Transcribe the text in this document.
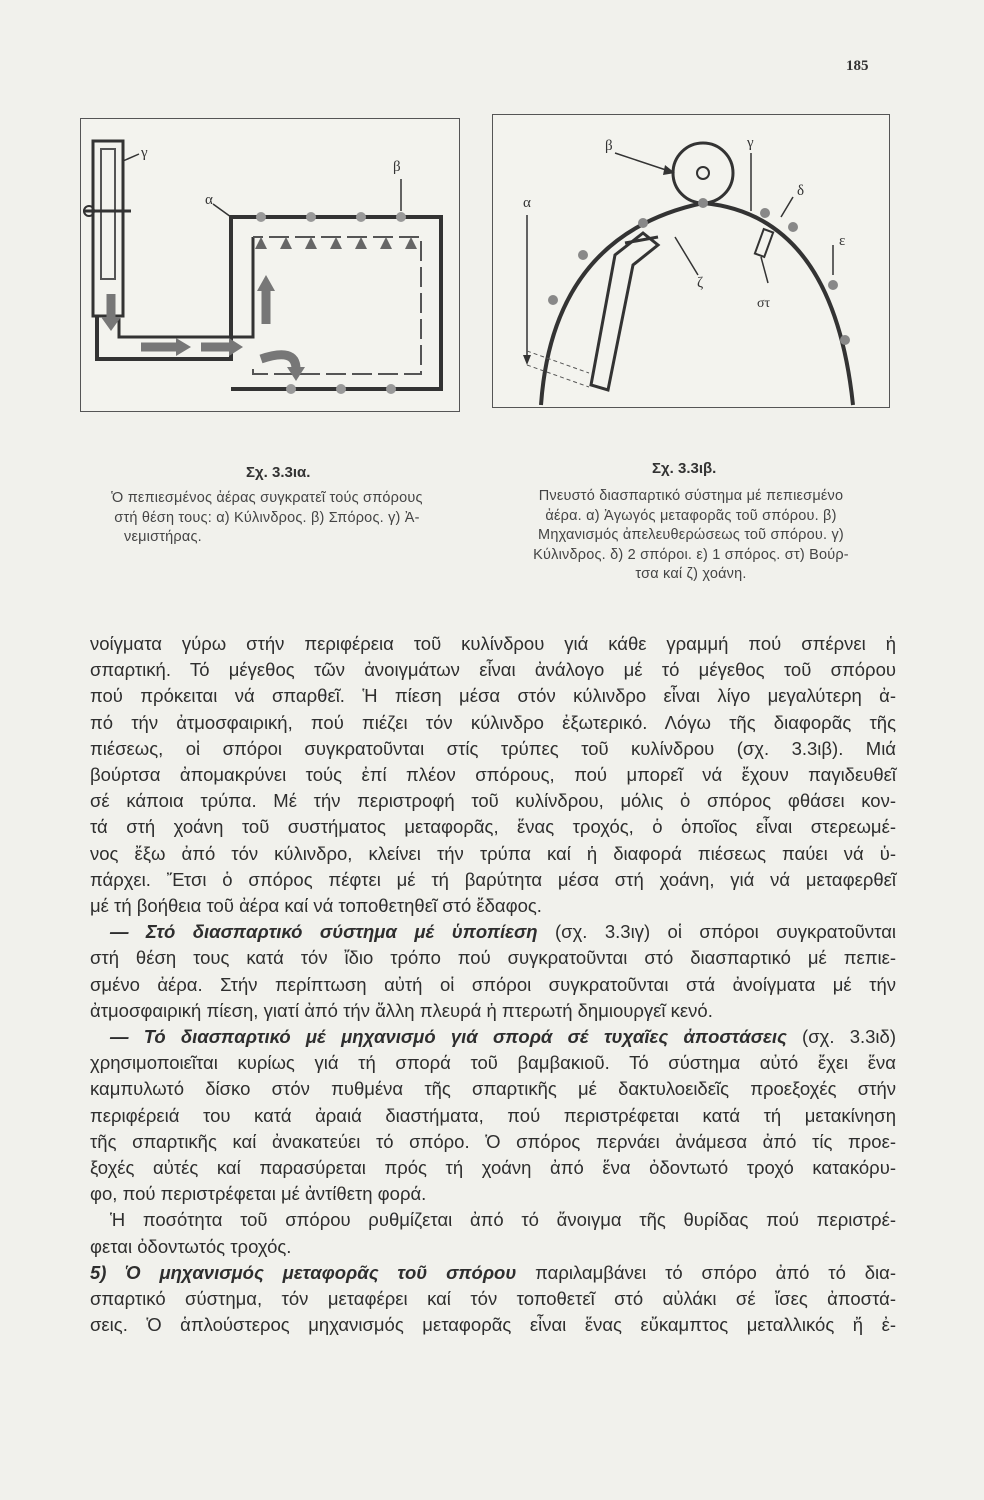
185
γ
α
β
α
β	γ
δ
ε
ζ
στ
Σχ. 3.3ια.
Ὁ πεπιεσμένος ἀέρας συγκρατεῖ τούς σπόρους
στή θέση τους: α) Κύλινδρος. β) Σπόρος. γ) Ἀ-
νεμιστήρας.
Σχ. 3.3ιβ.
Πνευστό διασπαρτικό σύστημα μέ πεπιεσμένο
ἀέρα. α) Ἀγωγός μεταφορᾶς τοῦ σπόρου. β)
Μηχανισμός ἀπελευθερώσεως τοῦ σπόρου. γ)
Κύλινδρος. δ) 2 σπόροι. ε) 1 σπόρος. στ) Βούρ-
τσα καί ζ) χοάνη.
νοίγματα γύρω στήν περιφέρεια τοῦ κυλίνδρου γιά κάθε γραμμή πού σπέρνει ἡ
σπαρτική. Τό μέγεθος τῶν ἀνοιγμάτων εἶναι ἀνάλογο μέ τό μέγεθος τοῦ σπόρου
πού πρόκειται νά σπαρθεῖ. Ἡ πίεση μέσα στόν κύλινδρο εἶναι λίγο μεγαλύτερη ἀ-
πό τήν ἀτμοσφαιρική, πού πιέζει τόν κύλινδρο ἐξωτερικό. Λόγω τῆς διαφορᾶς τῆς
πιέσεως, οἱ σπόροι συγκρατοῦνται στίς τρύπες τοῦ κυλίνδρου (σχ. 3.3ιβ). Μιά
βούρτσα ἀπομακρύνει τούς ἐπί πλέον σπόρους, πού μπορεῖ νά ἔχουν παγιδευθεῖ
σέ κάποια τρύπα. Μέ τήν περιστροφή τοῦ κυλίνδρου, μόλις ὁ σπόρος φθάσει κον-
τά στή χοάνη τοῦ συστήματος μεταφορᾶς, ἕνας τροχός, ὁ ὁποῖος εἶναι στερεωμέ-
νος ἔξω ἀπό τόν κύλινδρο, κλείνει τήν τρύπα καί ἡ διαφορά πιέσεως παύει νά ὑ-
πάρχει. Ἔτσι ὁ σπόρος πέφτει μέ τή βαρύτητα μέσα στή χοάνη, γιά νά μεταφερθεῖ
μέ τή βοήθεια τοῦ ἀέρα καί νά τοποθετηθεῖ στό ἔδαφος.
— Στό διασπαρτικό σύστημα μέ ὑποπίεση (σχ. 3.3ιγ) οἱ σπόροι συγκρατοῦνται
στή θέση τους κατά τόν ἴδιο τρόπο πού συγκρατοῦνται στό διασπαρτικό μέ πεπιε-
σμένο ἀέρα. Στήν περίπτωση αὐτή οἱ σπόροι συγκρατοῦνται στά ἀνοίγματα μέ τήν
ἀτμοσφαιρική πίεση, γιατί ἀπό τήν ἄλλη πλευρά ἡ πτερωτή δημιουργεῖ κενό.
— Τό διασπαρτικό μέ μηχανισμό γιά σπορά σέ τυχαῖες ἀποστάσεις (σχ. 3.3ιδ)
χρησιμοποιεῖται κυρίως γιά τή σπορά τοῦ βαμβακιοῦ. Τό σύστημα αὐτό ἔχει ἕνα
καμπυλωτό δίσκο στόν πυθμένα τῆς σπαρτικῆς μέ δακτυλοειδεῖς προεξοχές στήν
περιφέρειά του κατά ἀραιά διαστήματα, πού περιστρέφεται κατά τή μετακίνηση
τῆς σπαρτικῆς καί ἀνακατεύει τό σπόρο. Ὁ σπόρος περνάει ἀνάμεσα ἀπό τίς προε-
ξοχές αὐτές καί παρασύρεται πρός τή χοάνη ἀπό ἕνα ὀδοντωτό τροχό κατακόρυ-
φο, πού περιστρέφεται μέ ἀντίθετη φορά.
Ἡ ποσότητα τοῦ σπόρου ρυθμίζεται ἀπό τό ἄνοιγμα τῆς θυρίδας πού περιστρέ-
φεται ὀδοντωτός τροχός.
5) Ὁ μηχανισμός μεταφορᾶς τοῦ σπόρου παριλαμβάνει τό σπόρο ἀπό τό δια-
σπαρτικό σύστημα, τόν μεταφέρει καί τόν τοποθετεῖ στό αὐλάκι σέ ἴσες ἀποστά-
σεις. Ὁ ἁπλούστερος μηχανισμός μεταφορᾶς εἶναι ἕνας εὔκαμπτος μεταλλικός ἤ ἐ-
